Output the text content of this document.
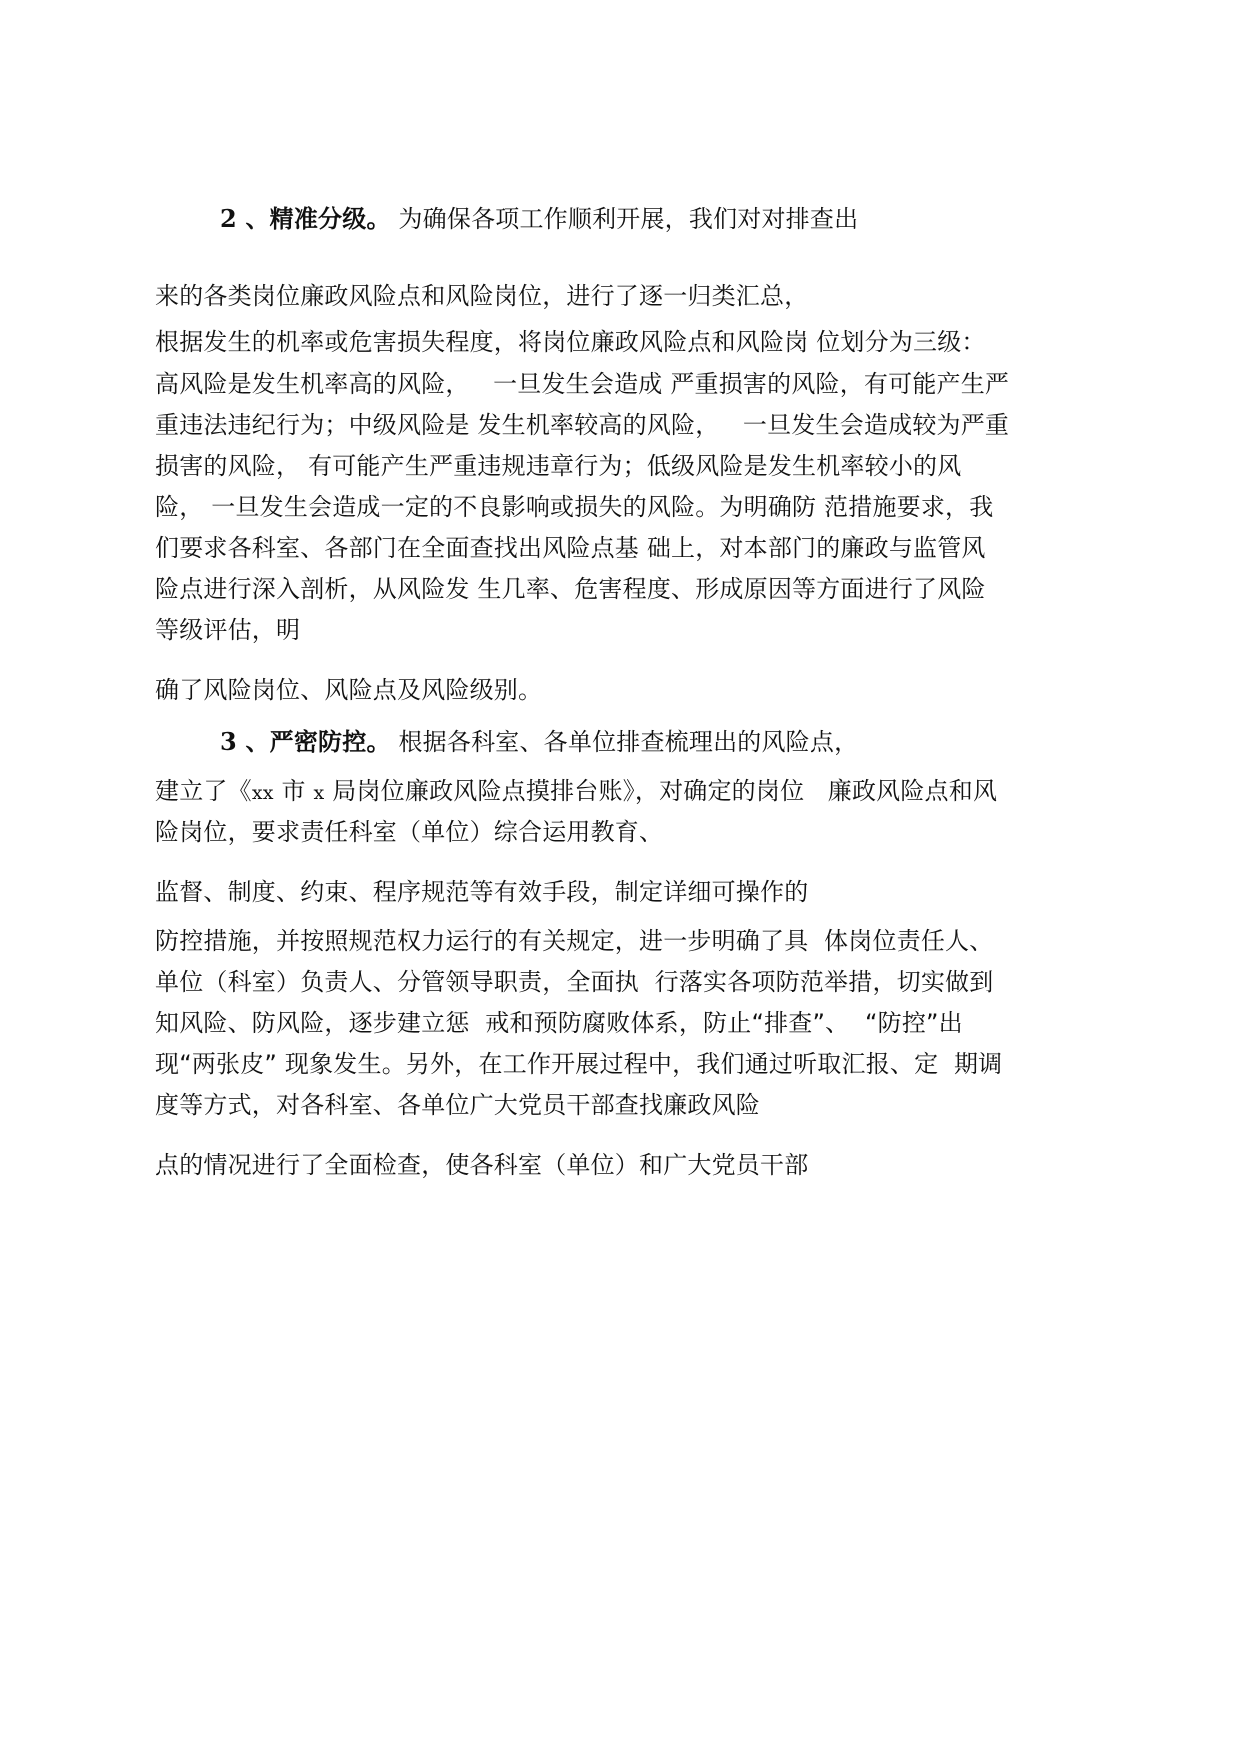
2 、精准分级。 为确保各项工作顺利开展，我们对对排查出
来的各类岗位廉政风险点和风险岗位，进行了逐一归类汇总，
根据发生的机率或危害损失程度，将岗位廉政风险点和风险岗 位划分为三级：
高风险是发生机率高的风险，   一旦发生会造成 严重损害的风险，有可能产生严
重违法违纪行为；中级风险是 发生机率较高的风险，   一旦发生会造成较为严重
损害的风险， 有可能产生严重违规违章行为；低级风险是发生机率较小的风
险， 一旦发生会造成一定的不良影响或损失的风险。为明确防 范措施要求，我
们要求各科室、各部门在全面查找出风险点基 础上，对本部门的廉政与监管风
险点进行深入剖析，从风险发 生几率、危害程度、形成原因等方面进行了风险
等级评估，明
确了风险岗位、风险点及风险级别。
3 、严密防控。 根据各科室、各单位排查梳理出的风险点，
建立了《xx 市 x 局岗位廉政风险点摸排台账》，对确定的岗位   廉政风险点和风
险岗位，要求责任科室（单位）综合运用教育、
监督、制度、约束、程序规范等有效手段，制定详细可操作的
防控措施，并按照规范权力运行的有关规定，进一步明确了具  体岗位责任人、
单位（科室）负责人、分管领导职责，全面执  行落实各项防范举措，切实做到
知风险、防风险，逐步建立惩  戒和预防腐败体系，防止“排查”、  “防控”出
现“两张皮” 现象发生。另外，在工作开展过程中，我们通过听取汇报、定  期调
度等方式，对各科室、各单位广大党员干部查找廉政风险
点的情况进行了全面检查，使各科室（单位）和广大党员干部
